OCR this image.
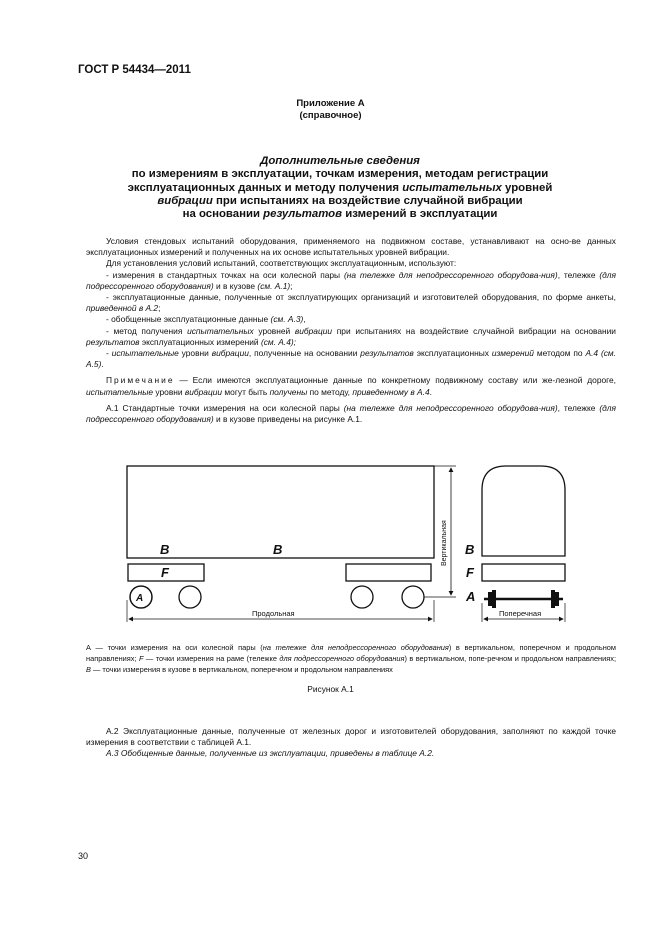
ГОСТ Р 54434—2011
Приложение А
(справочное)
Дополнительные сведения
по измерениям в эксплуатации, точкам измерения, методам регистрации
эксплуатационных данных и методу получения испытательных уровней
вибрации при испытаниях на воздействие случайной вибрации
на основании результатов измерений в эксплуатации

Условия стендовых испытаний оборудования, применяемого на подвижном составе, устанавливают на осно-ве данных эксплуатационных измерений и полученных на их основе испытательных уровней вибрации.

Для установления условий испытаний, соответствующих эксплуатационным, используют:

- измерения в стандартных точках на оси колесной пары (на тележке для неподрессоренного оборудова-ния), тележке (для подрессоренного оборудования) и в кузове (см. А.1);

- эксплуатационные данные, полученные от эксплуатирующих организаций и изготовителей оборудования, по форме анкеты, приведенной в А.2;

- обобщенные эксплуатационные данные (см. А.3),

- метод получения испытательных уровней вибрации при испытаниях на воздействие случайной вибрации на основании результатов эксплуатационных измерений (см. А.4);

- испытательные уровни вибрации, полученные на основании результатов эксплуатационных измерений методом по А.4 (см. А.5).

Примечание — Если имеются эксплуатационные данные по конкретному подвижному составу или же-лезной дороге, испытательные уровни вибрации могут быть получены по методу, приведенному в А.4.

А.1 Стандартные точки измерения на оси колесной пары (на тележке для неподрессоренного оборудова-ния), тележке (для подрессоренного оборудования) и в кузове приведены на рисунке А.1.

B	B	B
F	F
A	A
Вертикальная
Продольная	Поперечная
А — точки измерения на оси колесной пары (на тележке для неподрессоренного оборудования) в вертикальном, поперечном и продольном направлениях; F — точки измерения на раме (тележке для подрессоренного оборудования) в вертикальном, попе-речном и продольном направлениях; В — точки измерения в кузове в вертикальном, поперечном и продольном направлениях
Рисунок А.1

А.2 Эксплуатационные данные, полученные от железных дорог и изготовителей оборудования, заполняют по каждой точке измерения в соответствии с таблицей А.1.

А.3 Обобщенные данные, полученные из эксплуатации, приведены в таблице А.2.

30
